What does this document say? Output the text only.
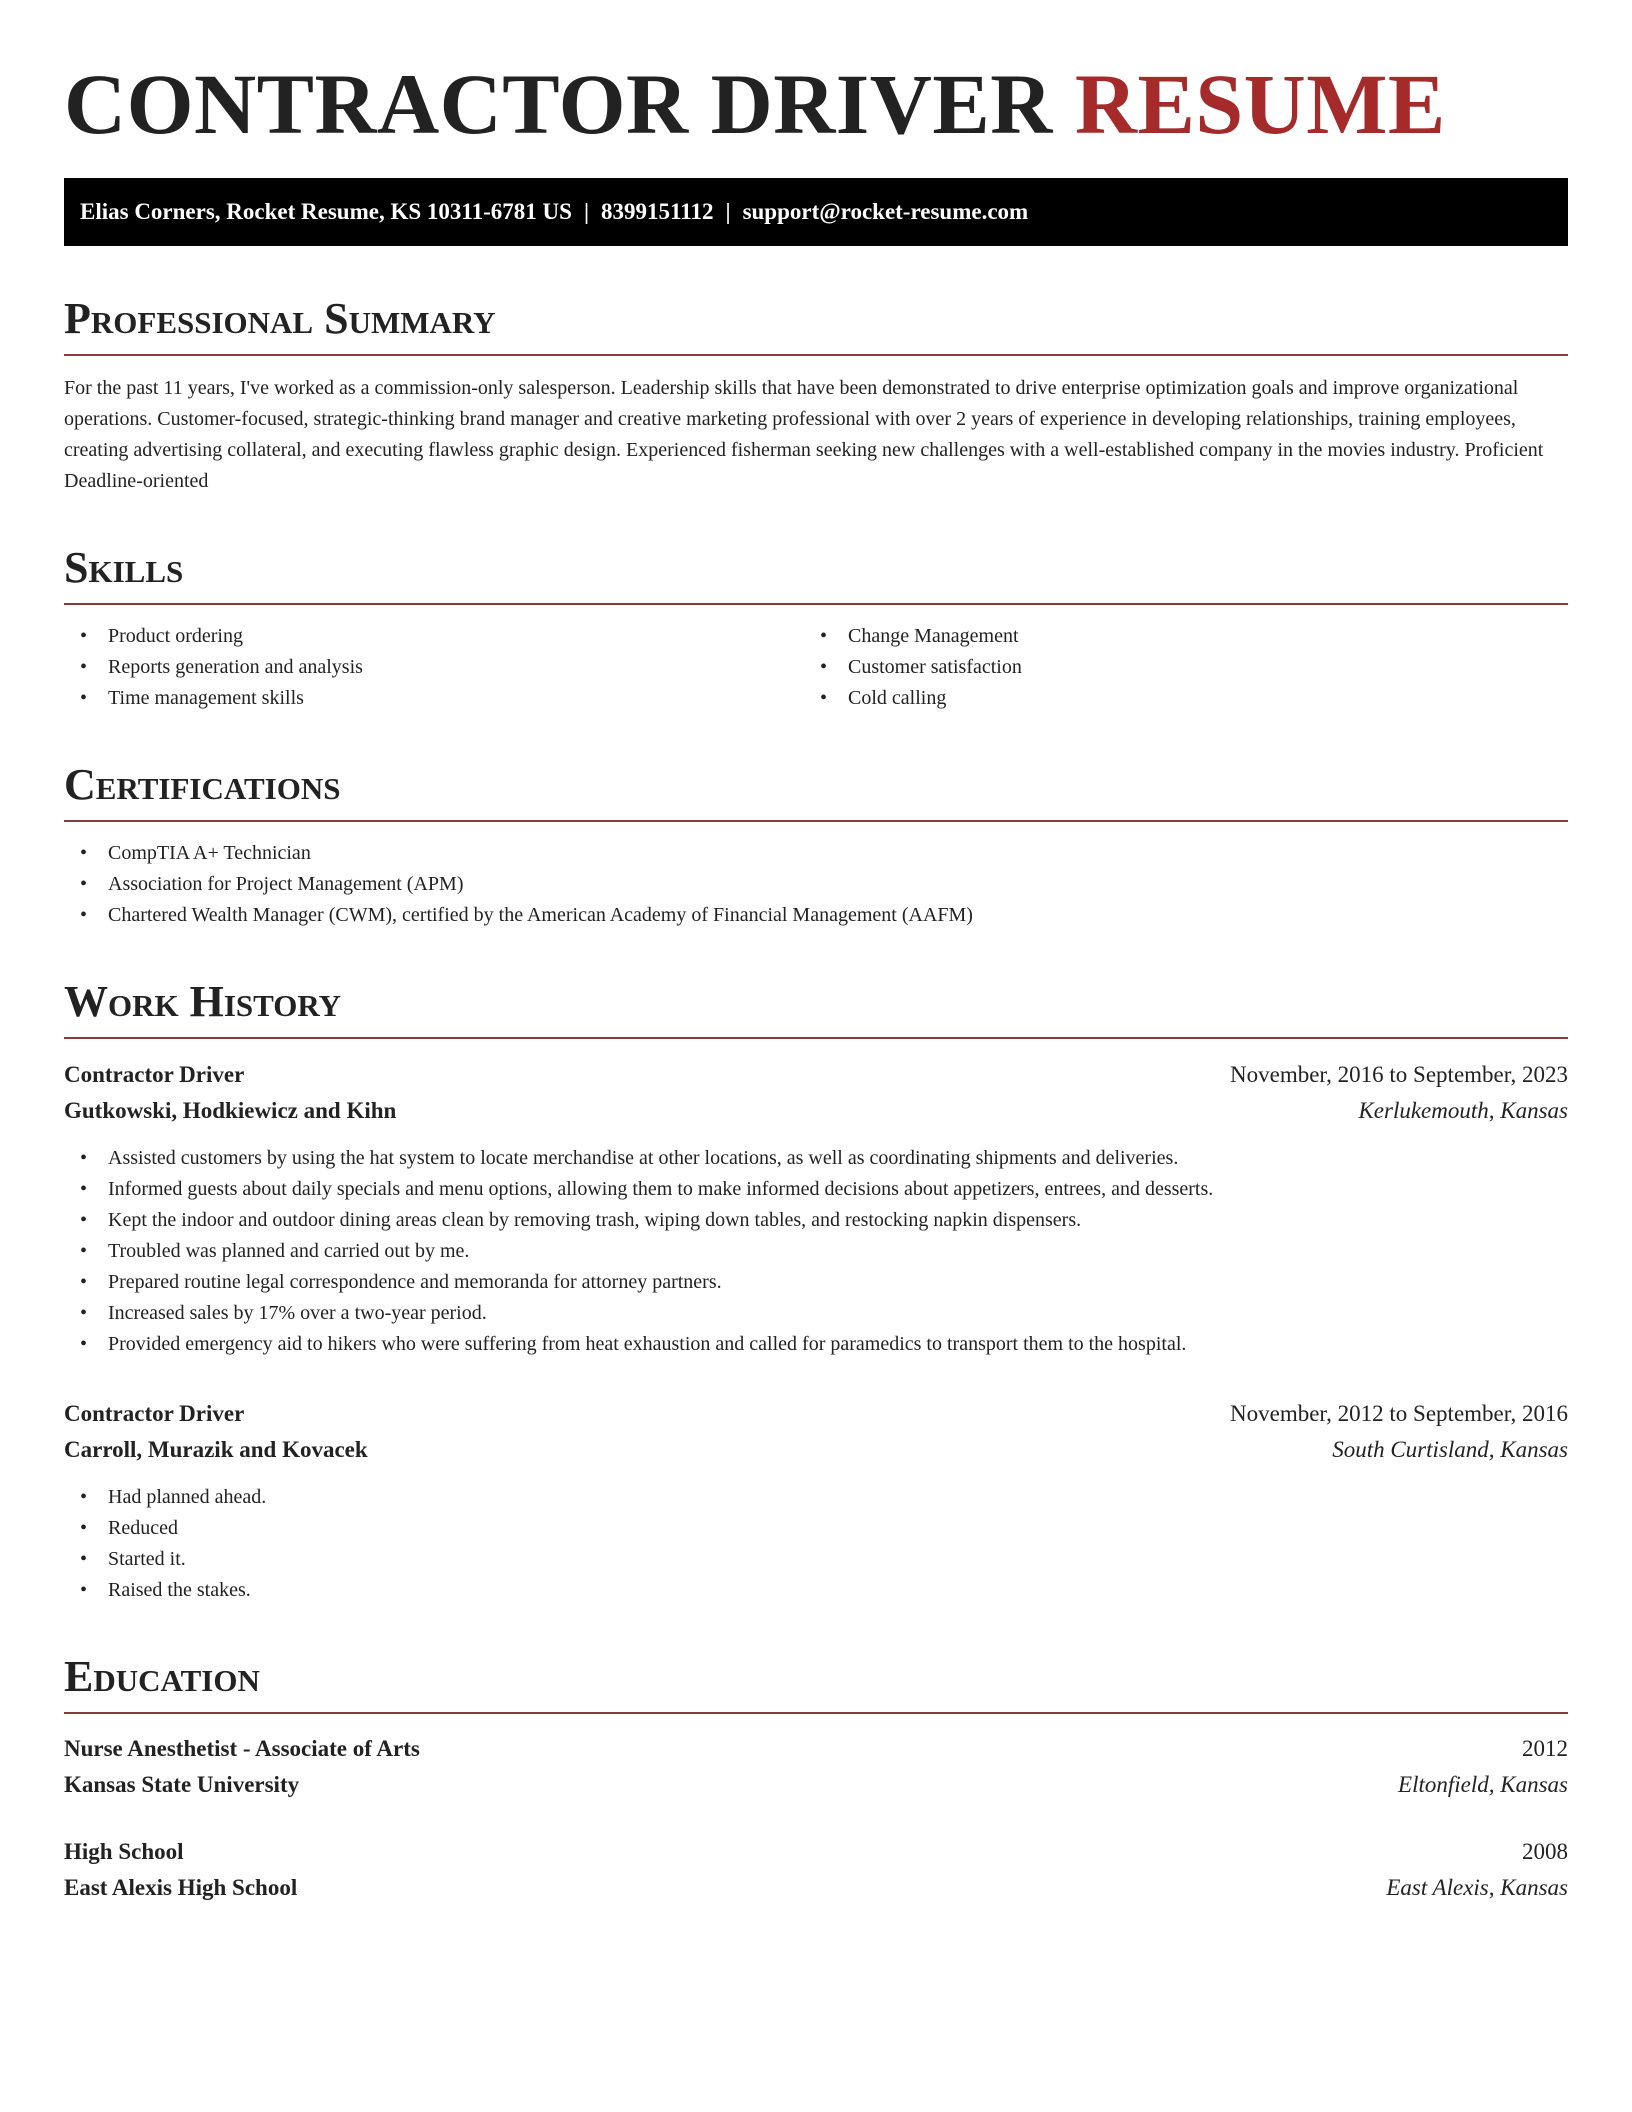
CONTRACTOR DRIVER RESUME
Elias Corners, Rocket Resume, KS 10311-6781 US | 8399151112 | support@rocket-resume.com
Professional Summary

For the past 11 years, I've worked as a commission-only salesperson. Leadership skills that have been demonstrated to drive enterprise optimization goals and improve organizational operations. Customer-focused, strategic-thinking brand manager and creative marketing professional with over 2 years of experience in developing relationships, training employees, creating advertising collateral, and executing flawless graphic design. Experienced fisherman seeking new challenges with a well-established company in the movies industry. Proficient Deadline-oriented

Skills
• Product ordering
• Reports generation and analysis
• Time management skills
• Change Management
• Customer satisfaction
• Cold calling
Certifications
• CompTIA A+ Technician
• Association for Project Management (APM)
• Chartered Wealth Manager (CWM), certified by the American Academy of Financial Management (AAFM)
Work History
Contractor Driver	November, 2016 to September, 2023
Gutkowski, Hodkiewicz and Kihn	Kerlukemouth, Kansas
• Assisted customers by using the hat system to locate merchandise at other locations, as well as coordinating shipments and deliveries.
• Informed guests about daily specials and menu options, allowing them to make informed decisions about appetizers, entrees, and desserts.
• Kept the indoor and outdoor dining areas clean by removing trash, wiping down tables, and restocking napkin dispensers.
• Troubled was planned and carried out by me.
• Prepared routine legal correspondence and memoranda for attorney partners.
• Increased sales by 17% over a two-year period.
• Provided emergency aid to hikers who were suffering from heat exhaustion and called for paramedics to transport them to the hospital.
Contractor Driver	November, 2012 to September, 2016
Carroll, Murazik and Kovacek	South Curtisland, Kansas
• Had planned ahead.
• Reduced
• Started it.
• Raised the stakes.
Education
Nurse Anesthetist - Associate of Arts	2012
Kansas State University	Eltonfield, Kansas
High School	2008
East Alexis High School	East Alexis, Kansas
